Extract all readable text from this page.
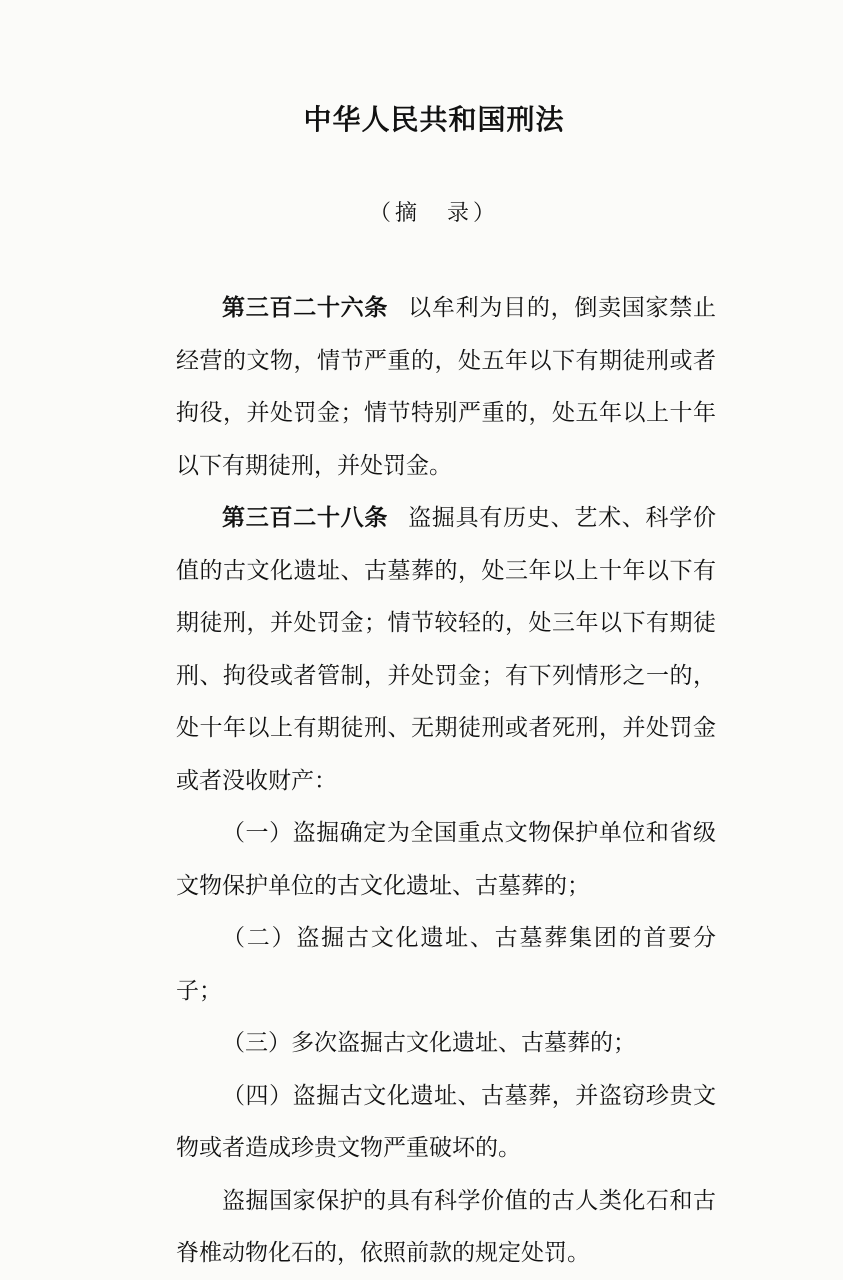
中华人民共和国刑法
（摘　录）

第三百二十六条 以牟利为目的，倒卖国家禁止经营的文物，情节严重的，处五年以下有期徒刑或者拘役，并处罚金；情节特别严重的，处五年以上十年以下有期徒刑，并处罚金。

第三百二十八条 盗掘具有历史、艺术、科学价值的古文化遗址、古墓葬的，处三年以上十年以下有期徒刑，并处罚金；情节较轻的，处三年以下有期徒刑、拘役或者管制，并处罚金；有下列情形之一的，处十年以上有期徒刑、无期徒刑或者死刑，并处罚金或者没收财产：

（一）盗掘确定为全国重点文物保护单位和省级文物保护单位的古文化遗址、古墓葬的；

（二）盗掘古文化遗址、古墓葬集团的首要分子；

（三）多次盗掘古文化遗址、古墓葬的；

（四）盗掘古文化遗址、古墓葬，并盗窃珍贵文物或者造成珍贵文物严重破坏的。

盗掘国家保护的具有科学价值的古人类化石和古脊椎动物化石的，依照前款的规定处罚。
